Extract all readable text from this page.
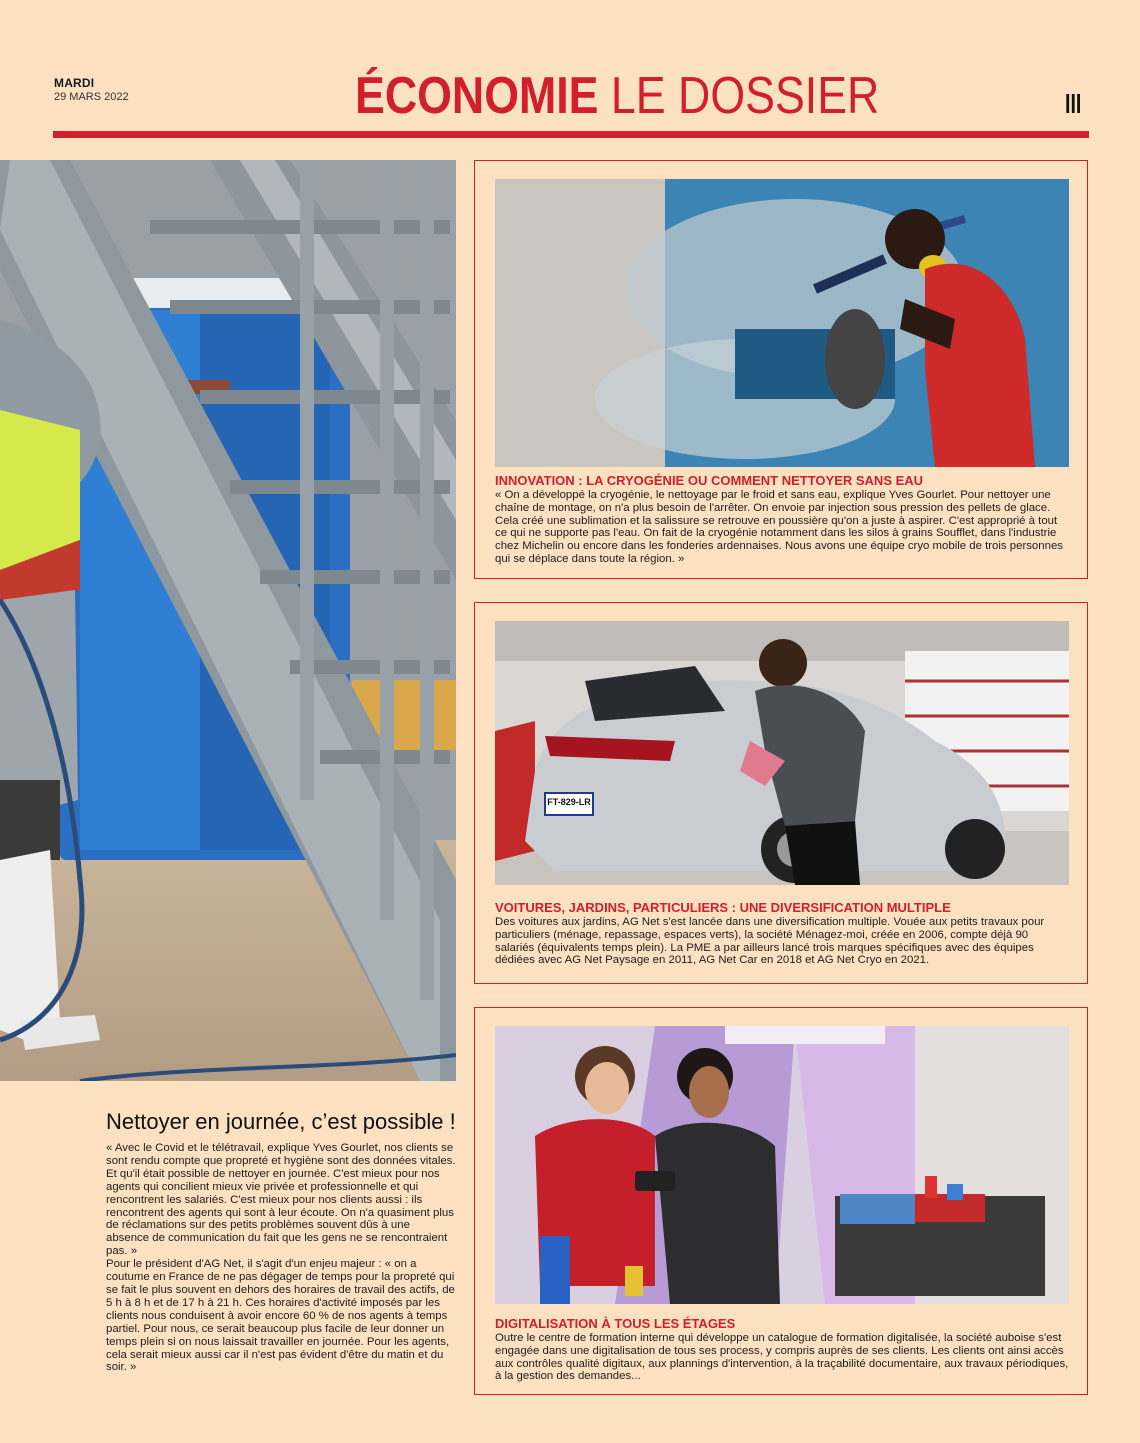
MARDI
29 MARS 2022	ÉCONOMIE LE DOSSIER	III
Nettoyer en journée, c’est possible !

« Avec le Covid et le télétravail, explique Yves Gourlet, nos clients se sont rendu compte que propreté et hygiène sont des données vitales. Et qu'il était possible de nettoyer en journée. C'est mieux pour nos agents qui concilient mieux vie privée et professionnelle et qui rencontrent les salariés. C'est mieux pour nos clients aussi : ils rencontrent des agents qui sont à leur écoute. On n'a quasiment plus de réclamations sur des petits problèmes souvent dûs à une absence de communication du fait que les gens ne se rencontraient pas. »

Pour le président d'AG Net, il s'agit d'un enjeu majeur : « on a coutume en France de ne pas dégager de temps pour la propreté qui se fait le plus souvent en dehors des horaires de travail des actifs, de 5 h à 8 h et de 17 h à 21 h. Ces horaires d'activité imposés par les clients nous conduisent à avoir encore 60 % de nos agents à temps partiel. Pour nous, ce serait beaucoup plus facile de leur donner un temps plein si on nous laissait travailler en journée. Pour les agents, cela serait mieux aussi car il n'est pas évident d'être du matin et du soir. »

INNOVATION : LA CRYOGÉNIE OU COMMENT NETTOYER SANS EAU
« On a développé la cryogénie, le nettoyage par le froid et sans eau, explique Yves Gourlet. Pour nettoyer une chaîne de montage, on n'a plus besoin de l'arrêter. On envoie par injection sous pression des pellets de glace. Cela créé une sublimation et la salissure se retrouve en poussière qu'on a juste à aspirer. C'est approprié à tout ce qui ne supporte pas l'eau. On fait de la cryogénie notamment dans les silos à grains Soufflet, dans l'industrie chez Michelin ou encore dans les fonderies ardennaises. Nous avons une équipe cryo mobile de trois personnes qui se déplace dans toute la région. »
FT-829-LR
VOITURES, JARDINS, PARTICULIERS : UNE DIVERSIFICATION MULTIPLE
Des voitures aux jardins, AG Net s'est lancée dans une diversification multiple. Vouée aux petits travaux pour particuliers (ménage, repassage, espaces verts), la société Ménagez-moi, créée en 2006, compte déjà 90 salariés (équivalents temps plein). La PME a par ailleurs lancé trois marques spécifiques avec des équipes dédiées avec AG Net Paysage en 2011, AG Net Car en 2018 et AG Net Cryo en 2021.
DIGITALISATION À TOUS LES ÉTAGES
Outre le centre de formation interne qui développe un catalogue de formation digitalisée, la société auboise s'est engagée dans une digitalisation de tous ses process, y compris auprès de ses clients. Les clients ont ainsi accès aux contrôles qualité digitaux, aux plannings d'intervention, à la traçabilité documentaire, aux travaux périodiques, à la gestion des demandes...
